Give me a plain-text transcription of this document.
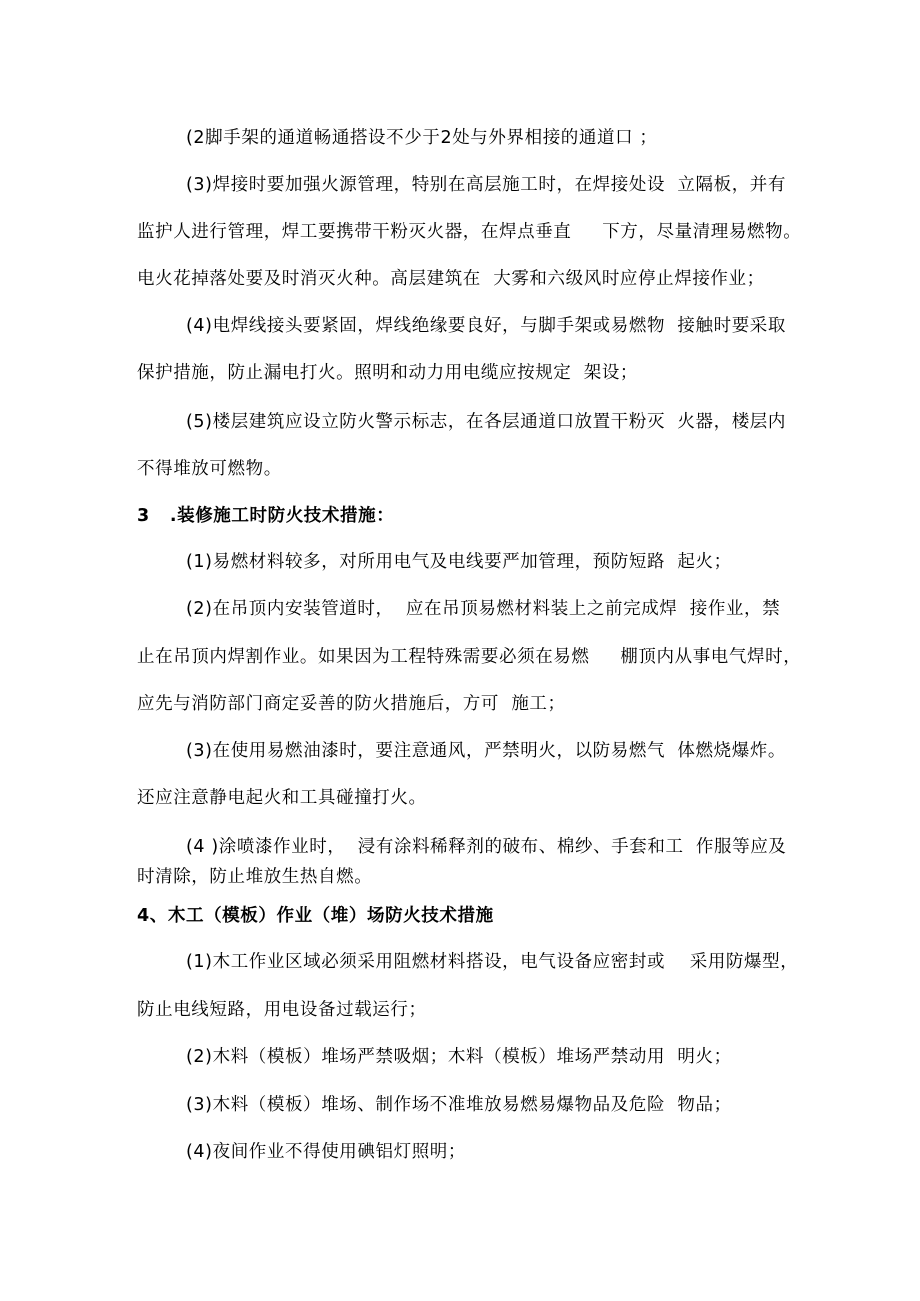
(2脚手架的通道畅通搭设不少于2处与外界相接的通道口 ；
(3)焊接时要加强火源管理，特别在高层施工时，在焊接处设  立隔板，并有
监护人进行管理，焊工要携带干粉灭火器，在焊点垂直     下方，尽量清理易燃物。
电火花掉落处要及时消灭火种。高层建筑在  大雾和六级风时应停止焊接作业；
(4)电焊线接头要紧固，焊线绝缘要良好，与脚手架或易燃物  接触时要采取
保护措施，防止漏电打火。照明和动力用电缆应按规定  架设；
(5)楼层建筑应设立防火警示标志，在各层通道口放置干粉灭  火器，楼层内
不得堆放可燃物。
3   .装修施工时防火技术措施：
(1)易燃材料较多，对所用电气及电线要严加管理，预防短路  起火；
(2)在吊顶内安装管道时，  应在吊顶易燃材料装上之前完成焊  接作业，禁
止在吊顶内焊割作业。如果因为工程特殊需要必须在易燃     棚顶内从事电气焊时，
应先与消防部门商定妥善的防火措施后，方可  施工；
(3)在使用易燃油漆时，要注意通风，严禁明火，以防易燃气  体燃烧爆炸。
还应注意静电起火和工具碰撞打火。
(4 )涂喷漆作业时，  浸有涂料稀释剂的破布、棉纱、手套和工  作服等应及
时清除，防止堆放生热自燃。
4、木工（模板）作业（堆）场防火技术措施
(1)木工作业区域必须采用阻燃材料搭设，电气设备应密封或    采用防爆型，
防止电线短路，用电设备过载运行；
(2)木料（模板）堆场严禁吸烟；木料（模板）堆场严禁动用  明火；
(3)木料（模板）堆场、制作场不准堆放易燃易爆物品及危险  物品；
(4)夜间作业不得使用碘铝灯照明；
